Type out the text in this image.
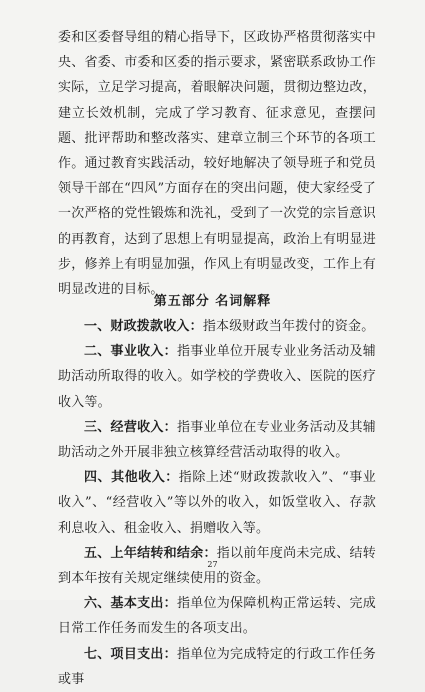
委和区委督导组的精心指导下，区政协严格贯彻落实中央、省委、市委和区委的指示要求，紧密联系政协工作实际，立足学习提高，着眼解决问题，贯彻边整边改，建立长效机制，完成了学习教育、征求意见，查摆问题、批评帮助和整改落实、建章立制三个环节的各项工作。通过教育实践活动，较好地解决了领导班子和党员领导干部在“四风”方面存在的突出问题，使大家经受了一次严格的党性锻炼和洗礼，受到了一次党的宗旨意识的再教育，达到了思想上有明显提高，政治上有明显进步，修养上有明显加强，作风上有明显改变，工作上有明显改进的目标。

第五部分 名词解释
一、财政拨款收入：指本级财政当年拨付的资金。
二、事业收入：指事业单位开展专业业务活动及辅助活动所取得的收入。如学校的学费收入、医院的医疗收入等。
三、经营收入：指事业单位在专业业务活动及其辅助活动之外开展非独立核算经营活动取得的收入。
四、其他收入：指除上述“财政拨款收入”、“事业收入”、“经营收入”等以外的收入，如饭堂收入、存款利息收入、租金收入、捐赠收入等。
五、上年结转和结余：指以前年度尚未完成、结转到本年按有关规定继续使用的资金。
六、基本支出：指单位为保障机构正常运转、完成日常工作任务而发生的各项支出。
七、项目支出：指单位为完成特定的行政工作任务或事
27
